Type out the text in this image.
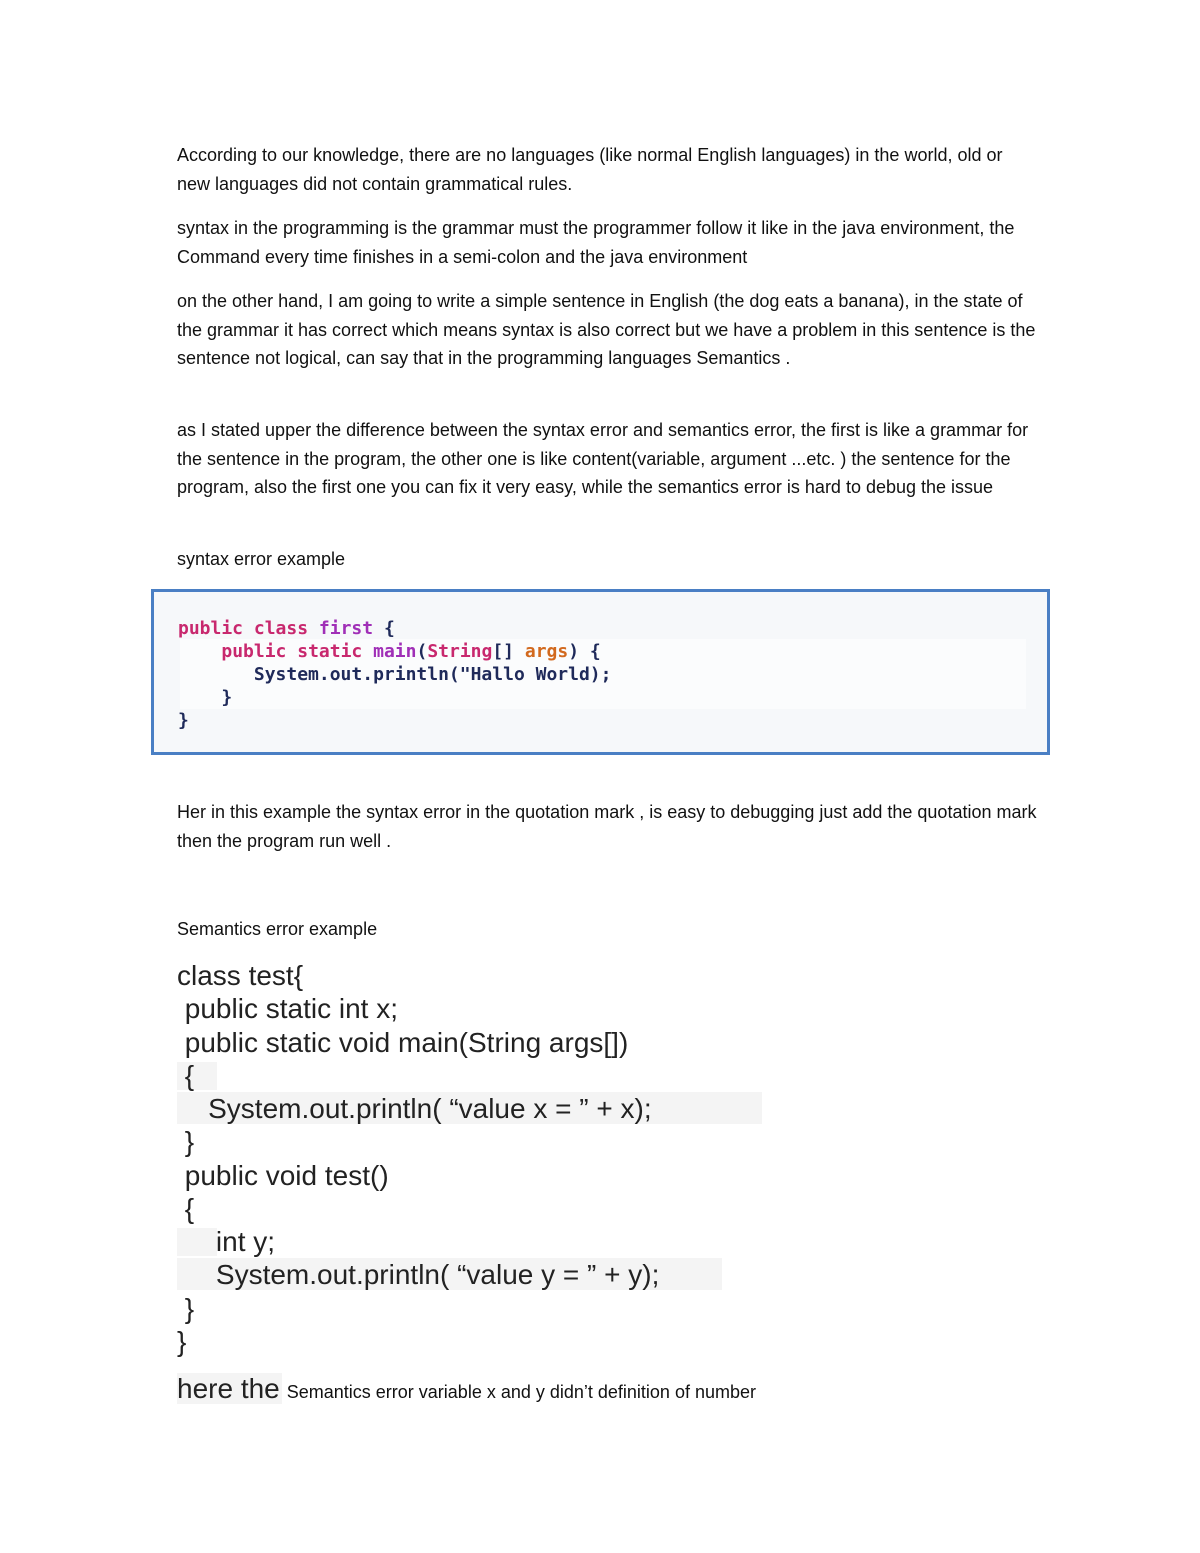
According to our knowledge, there are no languages (like normal English languages) in the world, old or new languages did not contain grammatical rules.

syntax in the programming is the grammar must the programmer follow it like in the java environment, the Command every time finishes in a semi-colon and the java environment

on the other hand, I am going to write a simple sentence in English (the dog eats a banana), in the state of the grammar it has correct which means syntax is also correct but we have a problem in this sentence is the sentence not logical, can say that in the programming languages Semantics .

as I stated upper the difference between the syntax error and semantics error, the first is like a grammar for the sentence in the program, the other one is like content(variable, argument ...etc. ) the sentence for the program, also the first one you can fix it very easy, while the semantics error is hard to debug the issue

syntax error example

public class first {
public static main(String[] args) {
System.out.println("Hallo World);
}
}

Her in this example the syntax error in the quotation mark , is easy to debugging just add the quotation mark then the program run well .

Semantics error example

class test{
public static int x;
public static void main(String args[])
{
System.out.println( “value x = ” + x);
}
public void test()
{
int y;
System.out.println( “value y = ” + y);
}
}
here the Semantics error variable x and y didn’t definition of number
